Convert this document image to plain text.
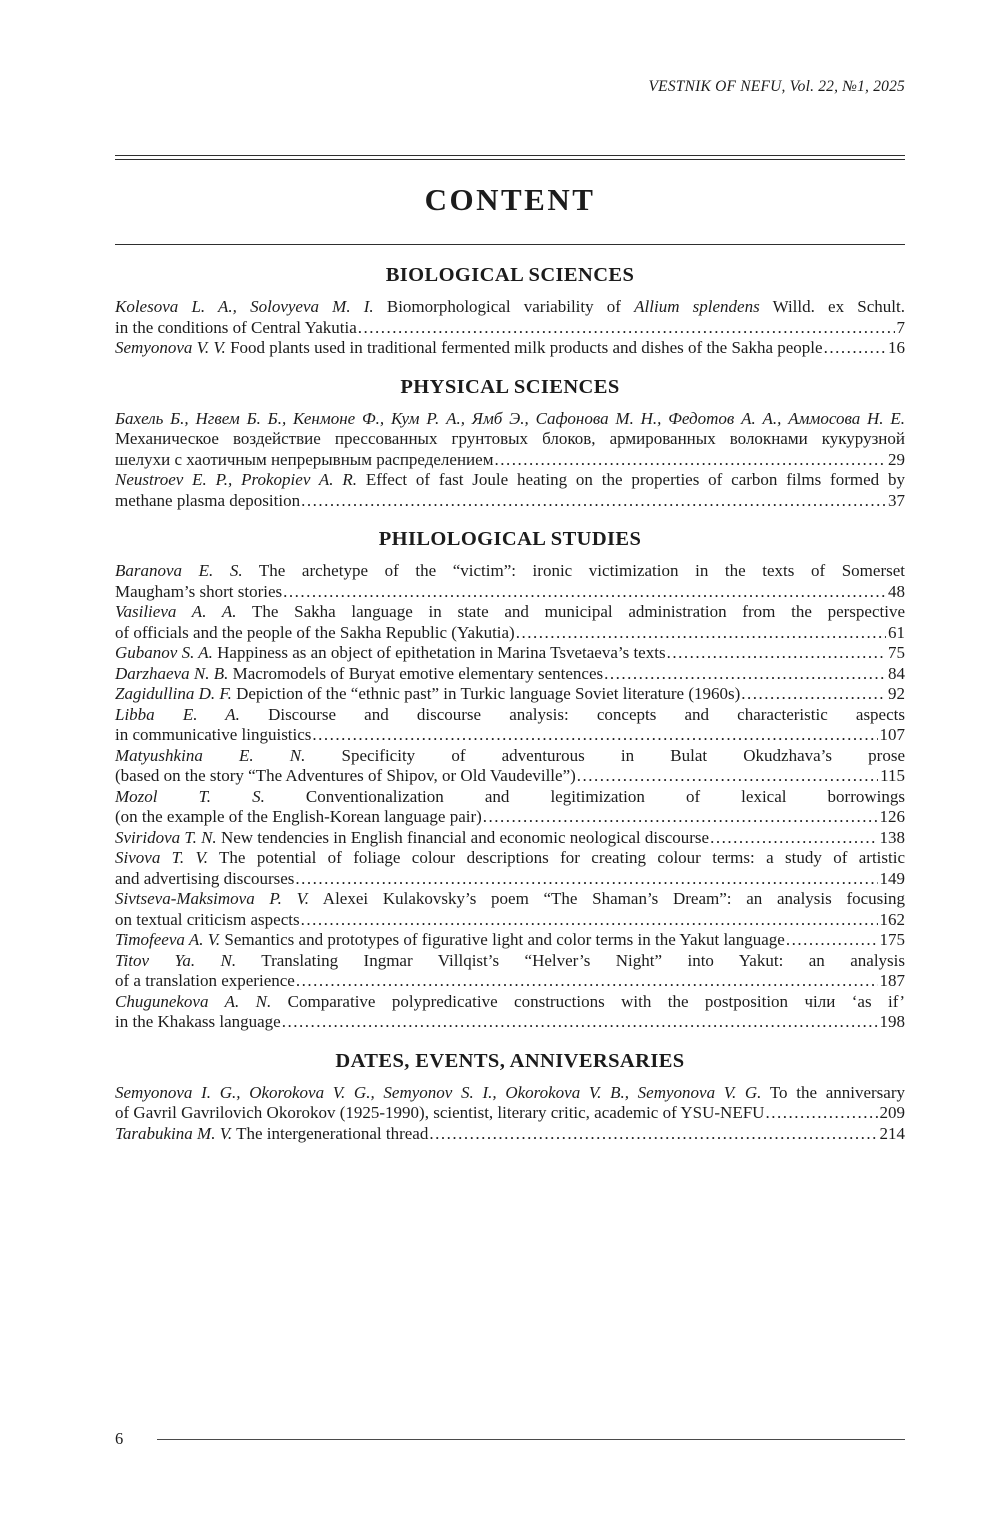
VESTNIK OF NEFU, Vol. 22, №1, 2025
CONTENT
BIOLOGICAL SCIENCES
Kolesova L. A., Solovyeva M. I. Biomorphological variability of Allium splendens Willd. ex Schult.
in the conditions of Central Yakutia .....	7
Semyonova V. V. Food plants used in traditional fermented milk products and dishes of the Sakha people .....	16
PHYSICAL SCIENCES
Бахель Б., Нгвем Б. Б., Кенмоне Ф., Кум Р. А., Ямб Э., Сафонова М. Н., Федотов А. А., Аммосова Н. Е.
Механическое воздействие прессованных грунтовых блоков, армированных волокнами кукурузной
шелухи с хаотичным непрерывным распределением .....	29
Neustroev E. P., Prokopiev A. R. Effect of fast Joule heating on the properties of carbon films formed by
methane plasma deposition .....	37
PHILOLOGICAL STUDIES
Baranova E. S. The archetype of the “victim”: ironic victimization in the texts of Somerset
Maugham’s short stories .....	48
Vasilieva A. A. The Sakha language in state and municipal administration from the perspective
of officials and the people of the Sakha Republic (Yakutia) .....	61
Gubanov S. A. Happiness as an object of epithetation in Marina Tsvetaeva’s texts .....	75
Darzhaeva N. B. Macromodels of Buryat emotive elementary sentences .....	84
Zagidullina D. F. Depiction of the “ethnic past” in Turkic language Soviet literature (1960s) .....	92
Libba E. A. Discourse and discourse analysis: concepts and characteristic aspects
in communicative linguistics .....	107
Matyushkina E. N. Specificity of adventurous in Bulat Okudzhava’s prose
(based on the story “The Adventures of Shipov, or Old Vaudeville”) .....	115
Mozol T. S. Conventionalization and legitimization of lexical borrowings
(on the example of the English-Korean language pair) .....	126
Sviridova T. N. New tendencies in English financial and economic neological discourse .....	138
Sivova T. V. The potential of foliage colour descriptions for creating colour terms: a study of artistic
and advertising discourses .....	149
Sivtseva-Maksimova P. V. Alexei Kulakovsky’s poem “The Shaman’s Dream”: an analysis focusing
on textual criticism aspects .....	162
Timofeeva A. V. Semantics and prototypes of figurative light and color terms in the Yakut language .....	175
Titov Ya. N. Translating Ingmar Villqist’s “Helver’s Night” into Yakut: an analysis
of a translation experience .....	187
Chugunekova A. N. Comparative polypredicative constructions with the postposition чіли ‘as if’
in the Khakass language .....	198
DATES, EVENTS, ANNIVERSARIES
Semyonova I. G., Okorokova V. G., Semyonov S. I., Okorokova V. B., Semyonova V. G. To the anniversary
of Gavril Gavrilovich Okorokov (1925-1990), scientist, literary critic, academic of YSU-NEFU .....	209
Tarabukina M. V. The intergenerational thread .....	214
6
